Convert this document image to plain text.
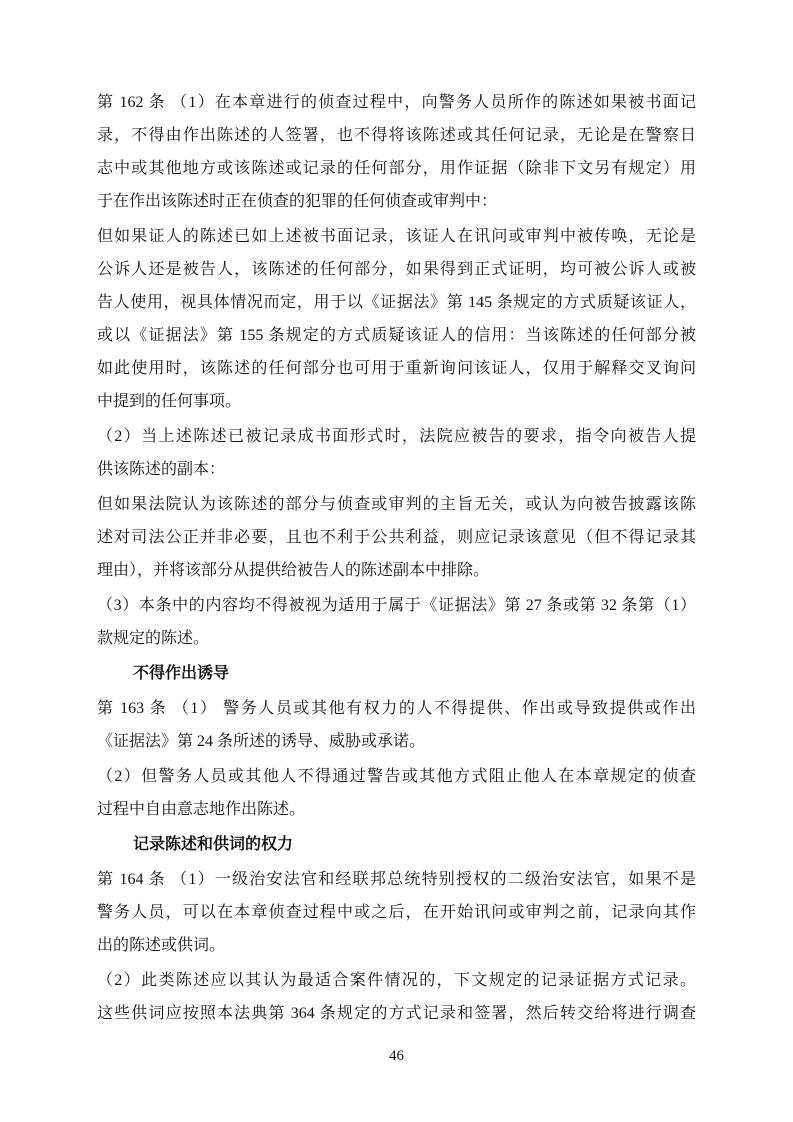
第 162 条 （1）在本章进行的侦查过程中，向警务人员所作的陈述如果被书面记
录，不得由作出陈述的人签署，也不得将该陈述或其任何记录，无论是在警察日
志中或其他地方或该陈述或记录的任何部分，用作证据（除非下文另有规定）用
于在作出该陈述时正在侦查的犯罪的任何侦查或审判中：
但如果证人的陈述已如上述被书面记录，该证人在讯问或审判中被传唤，无论是
公诉人还是被告人，该陈述的任何部分，如果得到正式证明，均可被公诉人或被
告人使用，视具体情况而定，用于以《证据法》第 145 条规定的方式质疑该证人，
或以《证据法》第 155 条规定的方式质疑该证人的信用：当该陈述的任何部分被
如此使用时，该陈述的任何部分也可用于重新询问该证人，仅用于解释交叉询问
中提到的任何事项。
（2）当上述陈述已被记录成书面形式时，法院应被告的要求，指令向被告人提
供该陈述的副本：
但如果法院认为该陈述的部分与侦查或审判的主旨无关，或认为向被告披露该陈
述对司法公正并非必要，且也不利于公共利益，则应记录该意见（但不得记录其
理由），并将该部分从提供给被告人的陈述副本中排除。
（3）本条中的内容均不得被视为适用于属于《证据法》第 27 条或第 32 条第（1）
款规定的陈述。
不得作出诱导
第 163 条 （1） 警务人员或其他有权力的人不得提供、作出或导致提供或作出
《证据法》第 24 条所述的诱导、威胁或承诺。
（2）但警务人员或其他人不得通过警告或其他方式阻止他人在本章规定的侦查
过程中自由意志地作出陈述。
记录陈述和供词的权力
第 164 条 （1）一级治安法官和经联邦总统特别授权的二级治安法官，如果不是
警务人员，可以在本章侦查过程中或之后，在开始讯问或审判之前，记录向其作
出的陈述或供词。
（2）此类陈述应以其认为最适合案件情况的，下文规定的记录证据方式记录。
这些供词应按照本法典第 364 条规定的方式记录和签署，然后转交给将进行调查
46
